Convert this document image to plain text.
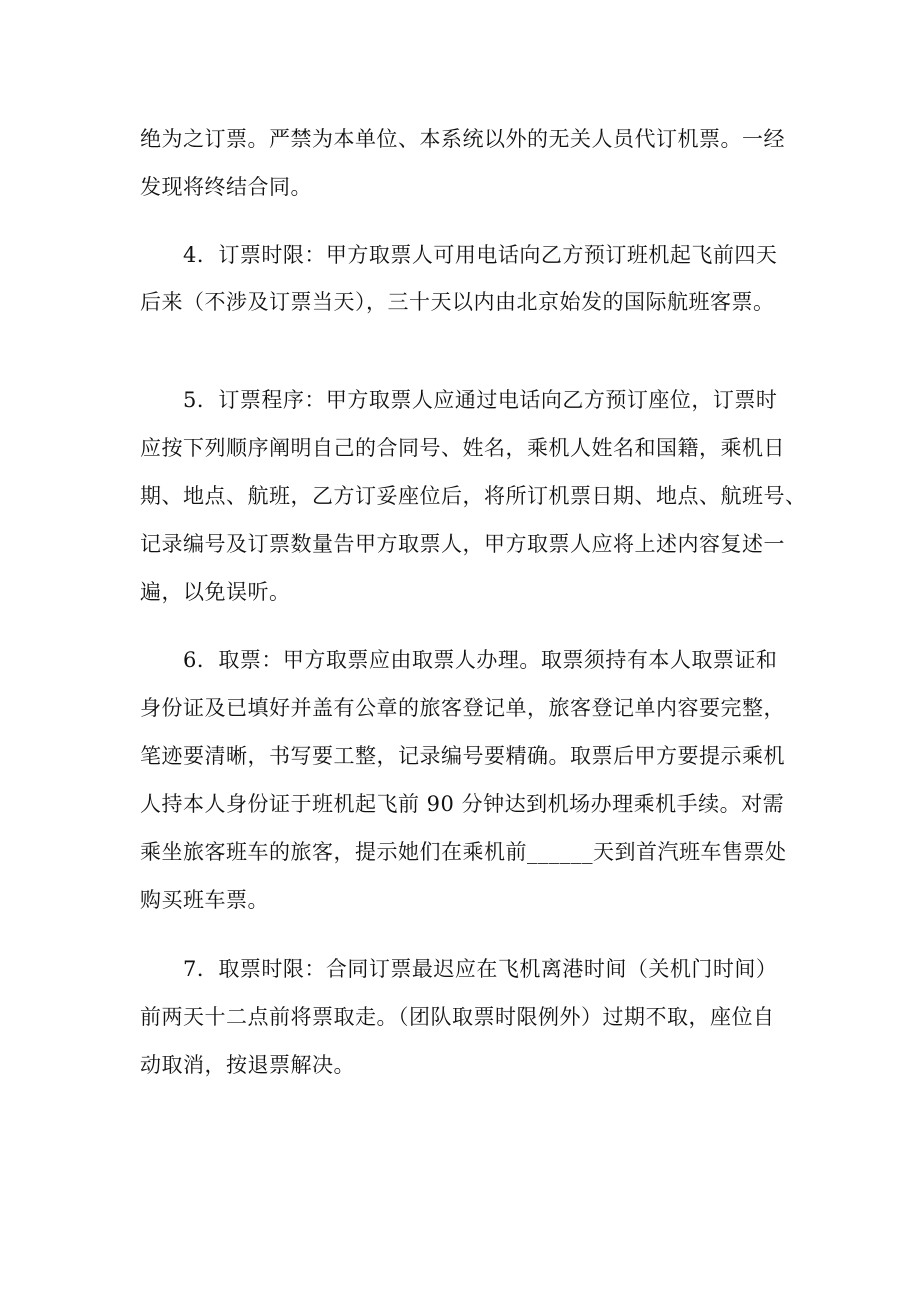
绝为之订票。严禁为本单位、本系统以外的无关人员代订机票。一经
发现将终结合同。
4．订票时限：甲方取票人可用电话向乙方预订班机起飞前四天
后来（不涉及订票当天），三十天以内由北京始发的国际航班客票。
5．订票程序：甲方取票人应通过电话向乙方预订座位，订票时
应按下列顺序阐明自己的合同号、姓名，乘机人姓名和国籍，乘机日
期、地点、航班，乙方订妥座位后，将所订机票日期、地点、航班号、
记录编号及订票数量告甲方取票人，甲方取票人应将上述内容复述一
遍，以免误听。
6．取票：甲方取票应由取票人办理。取票须持有本人取票证和
身份证及已填好并盖有公章的旅客登记单，旅客登记单内容要完整，
笔迹要清晰，书写要工整，记录编号要精确。取票后甲方要提示乘机
人持本人身份证于班机起飞前 90 分钟达到机场办理乘机手续。对需
乘坐旅客班车的旅客，提示她们在乘机前______天到首汽班车售票处
购买班车票。
7．取票时限：合同订票最迟应在飞机离港时间（关机门时间）
前两天十二点前将票取走。（团队取票时限例外）过期不取，座位自
动取消，按退票解决。
